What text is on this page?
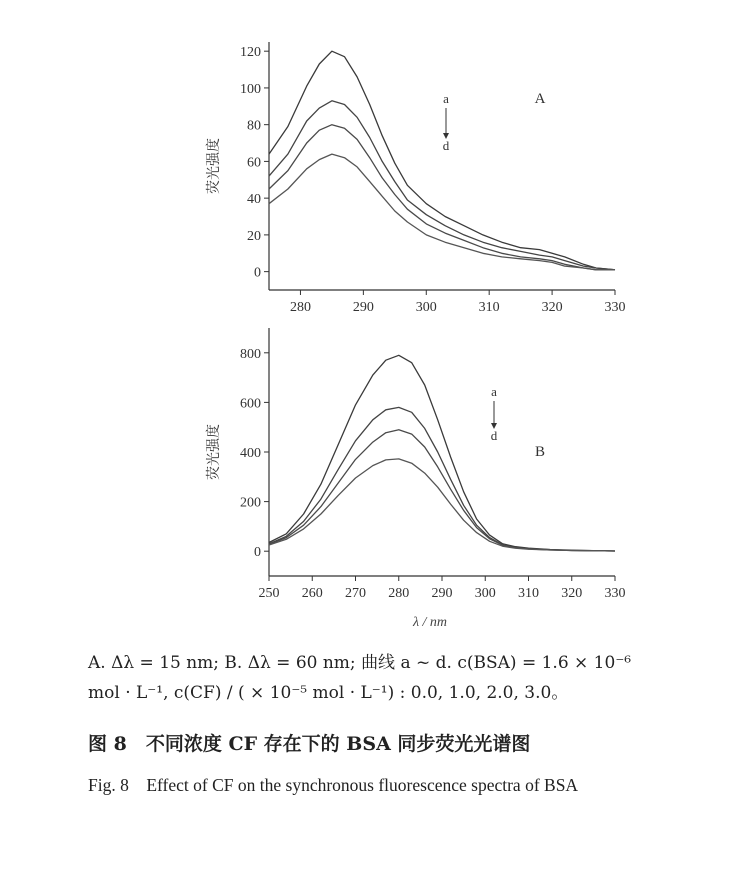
0
20
40
60
80
100
120
280	290	300	310	320	330
荧光强度
a
d
A
0
200
400
600
800
250 260 270 280 290 300 310 320 330
荧光强度
λ / nm
a
d
B
A. Δλ = 15 nm; B. Δλ = 60 nm; 曲线 a ~ d. c(BSA) = 1.6 × 10⁻⁶
mol · L⁻¹, c(CF) / ( × 10⁻⁵ mol · L⁻¹) : 0.0, 1.0, 2.0, 3.0。
图 8　不同浓度 CF 存在下的 BSA 同步荧光光谱图
Fig. 8　Effect of CF on the synchronous fluorescence spectra of BSA
